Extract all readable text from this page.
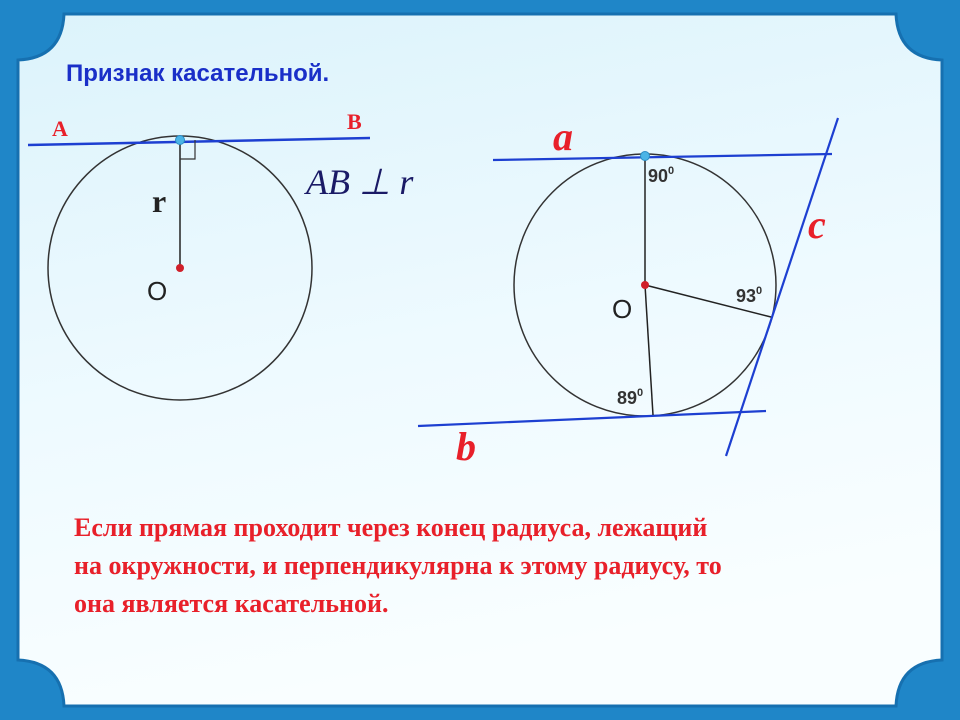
A	B
r
O
AB ⊥ r
a
c
b
O
$90^0$
$93^0$
$89^0$
Признак касательной.
Если прямая проходит через конец радиуса, лежащий
на окружности, и перпендикулярна к этому радиусу, то
она является касательной.
